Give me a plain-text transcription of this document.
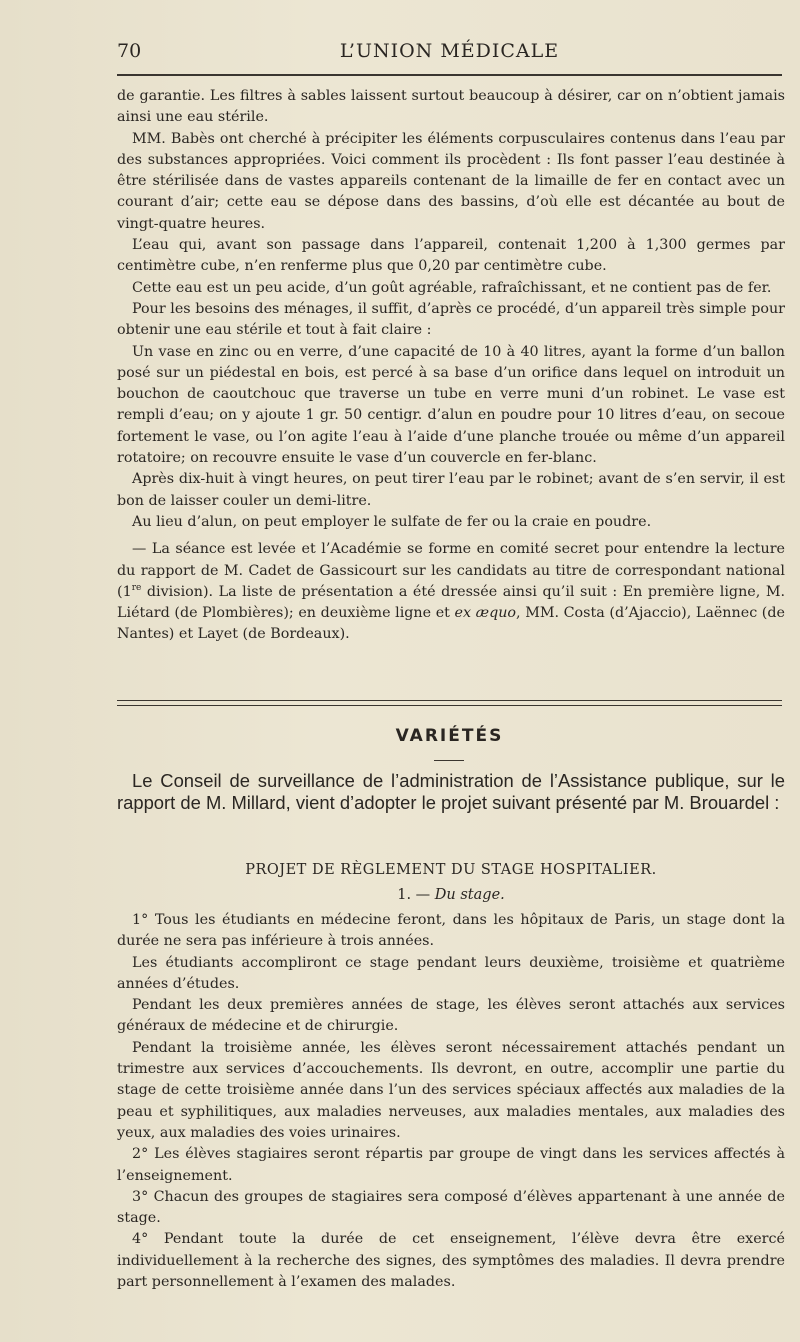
70	L’UNION MÉDICALE

de garantie. Les filtres à sables laissent surtout beaucoup à désirer, car on n’obtient jamais ainsi une eau stérile.

MM. Babès ont cherché à précipiter les éléments corpusculaires contenus dans l’eau par des substances appropriées. Voici comment ils procèdent : Ils font passer l’eau destinée à être stérilisée dans de vastes appareils contenant de la limaille de fer en contact avec un courant d’air; cette eau se dépose dans des bassins, d’où elle est décantée au bout de vingt-quatre heures.

L’eau qui, avant son passage dans l’appareil, contenait 1,200 à 1,300 germes par centimètre cube, n’en renferme plus que 0,20 par centimètre cube.

Cette eau est un peu acide, d’un goût agréable, rafraîchissant, et ne contient pas de fer.

Pour les besoins des ménages, il suffit, d’après ce procédé, d’un appareil très simple pour obtenir une eau stérile et tout à fait claire :

Un vase en zinc ou en verre, d’une capacité de 10 à 40 litres, ayant la forme d’un ballon posé sur un piédestal en bois, est percé à sa base d’un orifice dans lequel on introduit un bouchon de caoutchouc que traverse un tube en verre muni d’un robinet. Le vase est rempli d’eau; on y ajoute 1 gr. 50 centigr. d’alun en poudre pour 10 litres d’eau, on secoue fortement le vase, ou l’on agite l’eau à l’aide d’une planche trouée ou même d’un appareil rotatoire; on recouvre ensuite le vase d’un couvercle en fer-blanc.

Après dix-huit à vingt heures, on peut tirer l’eau par le robinet; avant de s’en servir, il est bon de laisser couler un demi-litre.

Au lieu d’alun, on peut employer le sulfate de fer ou la craie en poudre.

— La séance est levée et l’Académie se forme en comité secret pour entendre la lecture du rapport de M. Cadet de Gassicourt sur les candidats au titre de correspondant national (1re division). La liste de présentation a été dressée ainsi qu’il suit : En première ligne, M. Liétard (de Plombières); en deuxième ligne et ex æquo, MM. Costa (d’Ajaccio), Laënnec (de Nantes) et Layet (de Bordeaux).

VARIÉTÉS

Le Conseil de surveillance de l’administration de l’Assistance publique, sur le rapport de M. Millard, vient d’adopter le projet suivant présenté par M. Brouardel :

PROJET DE RÈGLEMENT DU STAGE HOSPITALIER.
1. — Du stage.

1° Tous les étudiants en médecine feront, dans les hôpitaux de Paris, un stage dont la durée ne sera pas inférieure à trois années.

Les étudiants accompliront ce stage pendant leurs deuxième, troisième et quatrième années d’études.

Pendant les deux premières années de stage, les élèves seront attachés aux services généraux de médecine et de chirurgie.

Pendant la troisième année, les élèves seront nécessairement attachés pendant un trimestre aux services d’accouchements. Ils devront, en outre, accomplir une partie du stage de cette troisième année dans l’un des services spéciaux affectés aux maladies de la peau et syphilitiques, aux maladies nerveuses, aux maladies mentales, aux maladies des yeux, aux maladies des voies urinaires.

2° Les élèves stagiaires seront répartis par groupe de vingt dans les services affectés à l’enseignement.

3° Chacun des groupes de stagiaires sera composé d’élèves appartenant à une année de stage.

4° Pendant toute la durée de cet enseignement, l’élève devra être exercé individuellement à la recherche des signes, des symptômes des maladies. Il devra prendre part personnellement à l’examen des malades.
